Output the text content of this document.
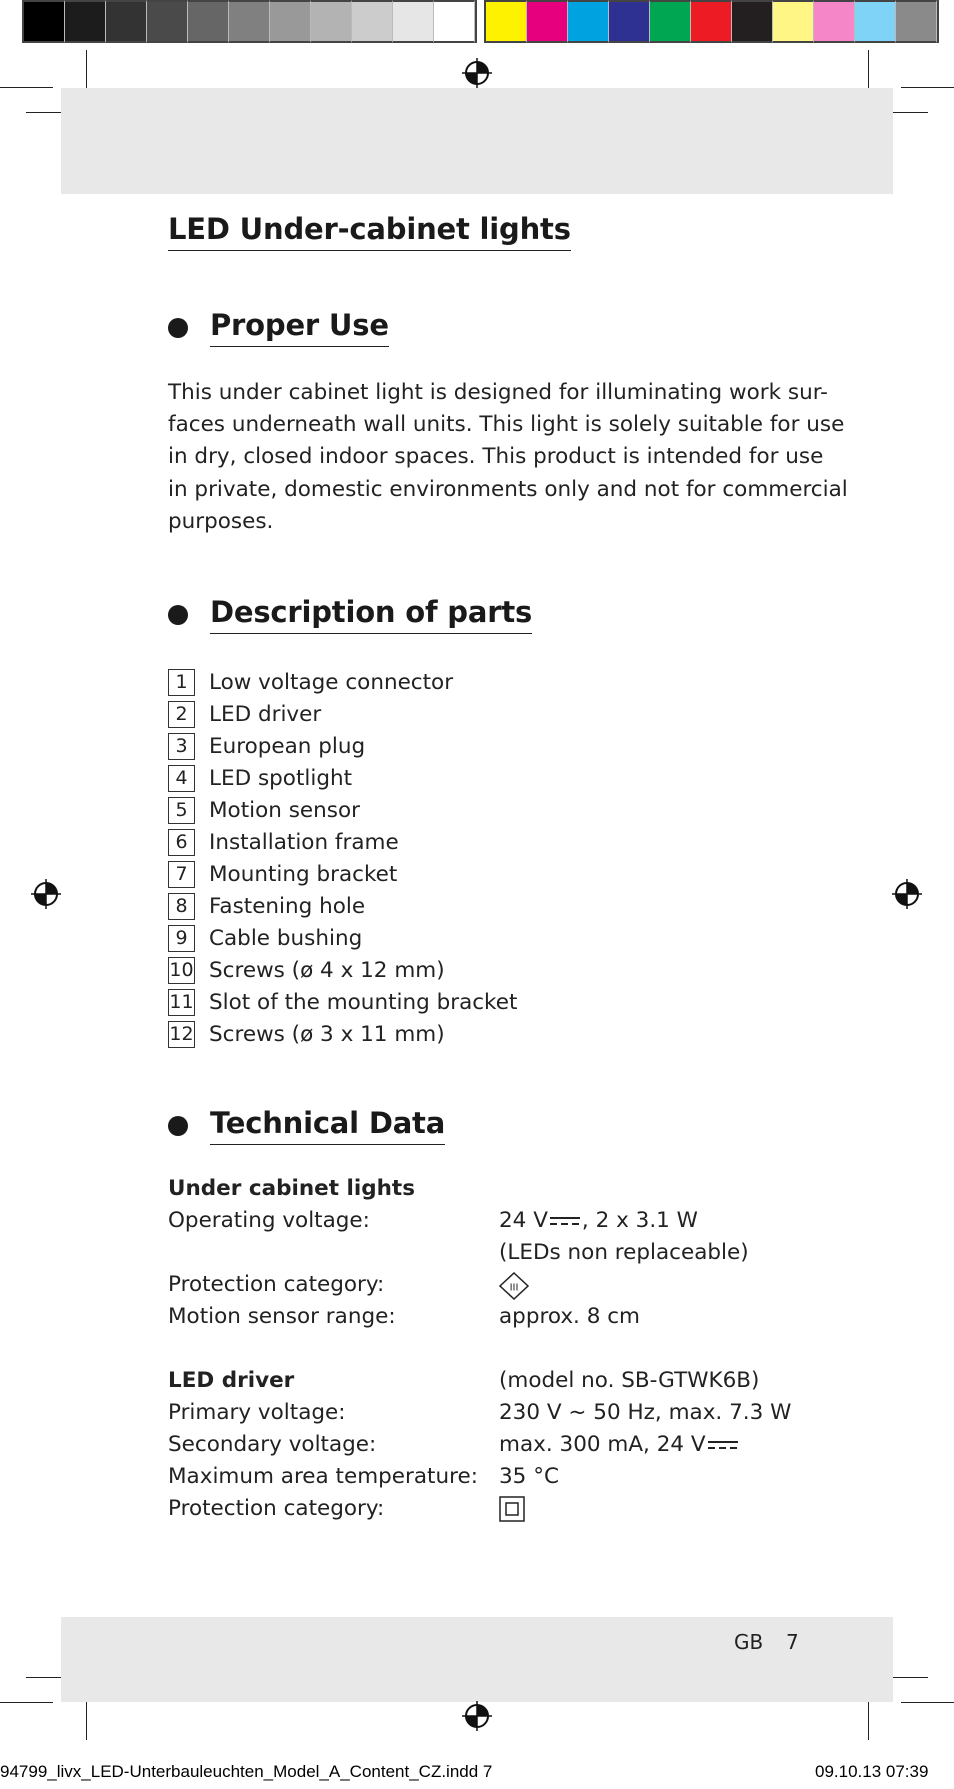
LED Under-cabinet lights
Proper Use
This under cabinet light is designed for illuminating work sur-
faces underneath wall units. This light is solely suitable for use
in dry, closed indoor spaces. This product is intended for use
in private, domestic environments only and not for commercial
purposes.
Description of parts
1 Low voltage connector
2 LED driver
3 European plug
4 LED spotlight
5 Motion sensor
6 Installation frame
7 Mounting bracket
8 Fastening hole
9 Cable bushing
10 Screws (ø 4 x 12 mm)
11 Slot of the mounting bracket
12 Screws (ø 3 x 11 mm)
Technical Data
Under cabinet lights
Operating voltage:	24 V , 2 x 3.1 W
(LEDs non replaceable)
Protection category:	III
Motion sensor range:	approx. 8 cm
LED driver	(model no. SB-GTWK6B)
Primary voltage:	230 V ~ 50 Hz, max. 7.3 W
Secondary voltage:	max. 300 mA, 24 V
Maximum area temperature: 35 °C
Protection category:
GB 7
94799_livx_LED-Unterbauleuchten_Model_A_Content_CZ.indd 7	09.10.13 07:39
